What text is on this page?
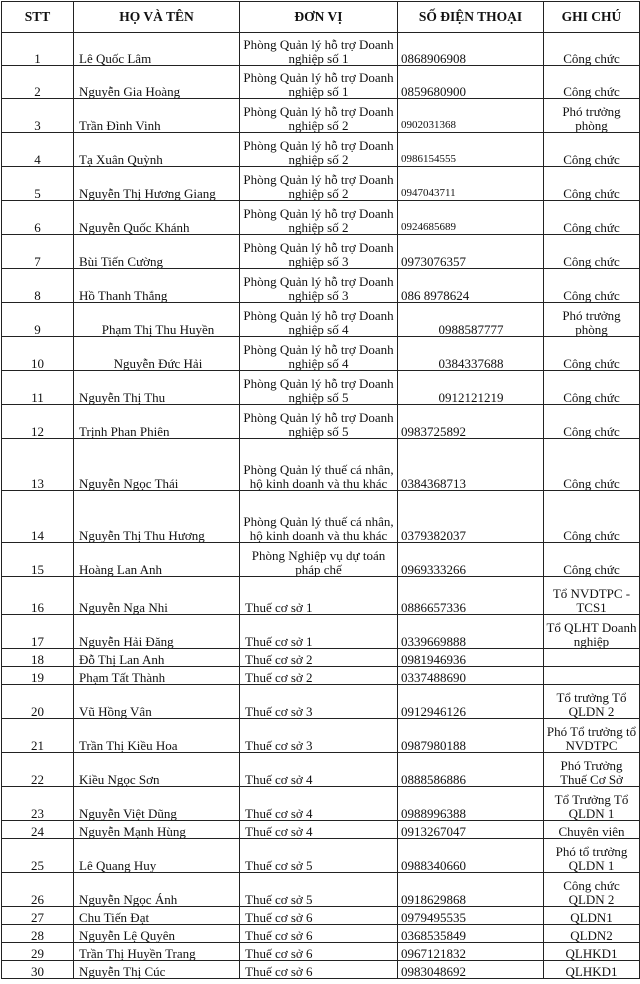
STT	HỌ VÀ TÊN	ĐƠN VỊ	SỐ ĐIỆN THOẠI	GHI CHÚ
1	Lê Quốc Lâm	Phòng Quản lý hỗ trợ Doanh nghiệp số 1	0868906908	Công chức
2	Nguyễn Gia Hoàng	Phòng Quản lý hỗ trợ Doanh nghiệp số 1	0859680900	Công chức
3	Trần Đình Vinh	Phòng Quản lý hỗ trợ Doanh nghiệp số 2	0902031368	Phó trưởng phòng
4	Tạ Xuân Quỳnh	Phòng Quản lý hỗ trợ Doanh nghiệp số 2	0986154555	Công chức
5	Nguyễn Thị Hương Giang	Phòng Quản lý hỗ trợ Doanh nghiệp số 2	0947043711	Công chức
6	Nguyễn Quốc Khánh	Phòng Quản lý hỗ trợ Doanh nghiệp số 2	0924685689	Công chức
7	Bùi Tiến Cường	Phòng Quản lý hỗ trợ Doanh nghiệp số 3	0973076357	Công chức
8	Hồ Thanh Thắng	Phòng Quản lý hỗ trợ Doanh nghiệp số 3	086 8978624	Công chức
9	Phạm Thị Thu Huyền	Phòng Quản lý hỗ trợ Doanh nghiệp số 4	0988587777	Phó trưởng phòng
10	Nguyễn Đức Hải	Phòng Quản lý hỗ trợ Doanh nghiệp số 4	0384337688	Công chức
11	Nguyễn Thị Thu	Phòng Quản lý hỗ trợ Doanh nghiệp số 5	0912121219	Công chức
12	Trịnh Phan Phiên	Phòng Quản lý hỗ trợ Doanh nghiệp số 5	0983725892	Công chức
13	Nguyễn Ngọc Thái	Phòng Quản lý thuế cá nhân, hộ kinh doanh và thu khác	0384368713	Công chức
14	Nguyễn Thị Thu Hương	Phòng Quản lý thuế cá nhân, hộ kinh doanh và thu khác	0379382037	Công chức
15	Hoàng Lan Anh	Phòng Nghiệp vụ dự toán pháp chế	0969333266	Công chức
16	Nguyễn Nga Nhi	Thuế cơ sở 1	0886657336	Tổ NVDTPC - TCS1
17	Nguyễn Hải Đăng	Thuế cơ sở 1	0339669888	Tổ QLHT Doanh nghiệp
18	Đỗ Thị Lan Anh	Thuế cơ sở 2	0981946936	
19	Phạm Tất Thành	Thuế cơ sở 2	0337488690	
20	Vũ Hồng Vân	Thuế cơ sở 3	0912946126	Tổ trưởng Tổ QLDN 2
21	Trần Thị Kiều Hoa	Thuế cơ sở 3	0987980188	Phó Tổ trưởng tổ NVDTPC
22	Kiều Ngọc Sơn	Thuế cơ sở 4	0888586886	Phó Trưởng Thuế Cơ Sở
23	Nguyễn Việt Dũng	Thuế cơ sở 4	0988996388	Tổ Trưởng Tổ QLDN 1
24	Nguyễn Mạnh Hùng	Thuế cơ sở 4	0913267047	Chuyên viên
25	Lê Quang Huy	Thuế cơ sở 5	0988340660	Phó tổ trưởng QLDN 1
26	Nguyễn Ngọc Ánh	Thuế cơ sở 5	0918629868	Công chức QLDN 2
27	Chu Tiến Đạt	Thuế cơ sở 6	0979495535	QLDN1
28	Nguyễn Lệ Quyên	Thuế cơ sở 6	0368535849	QLDN2
29	Trần Thị Huyền Trang	Thuế cơ sở 6	0967121832	QLHKD1
30	Nguyễn Thị Cúc	Thuế cơ sở 6	0983048692	QLHKD1
